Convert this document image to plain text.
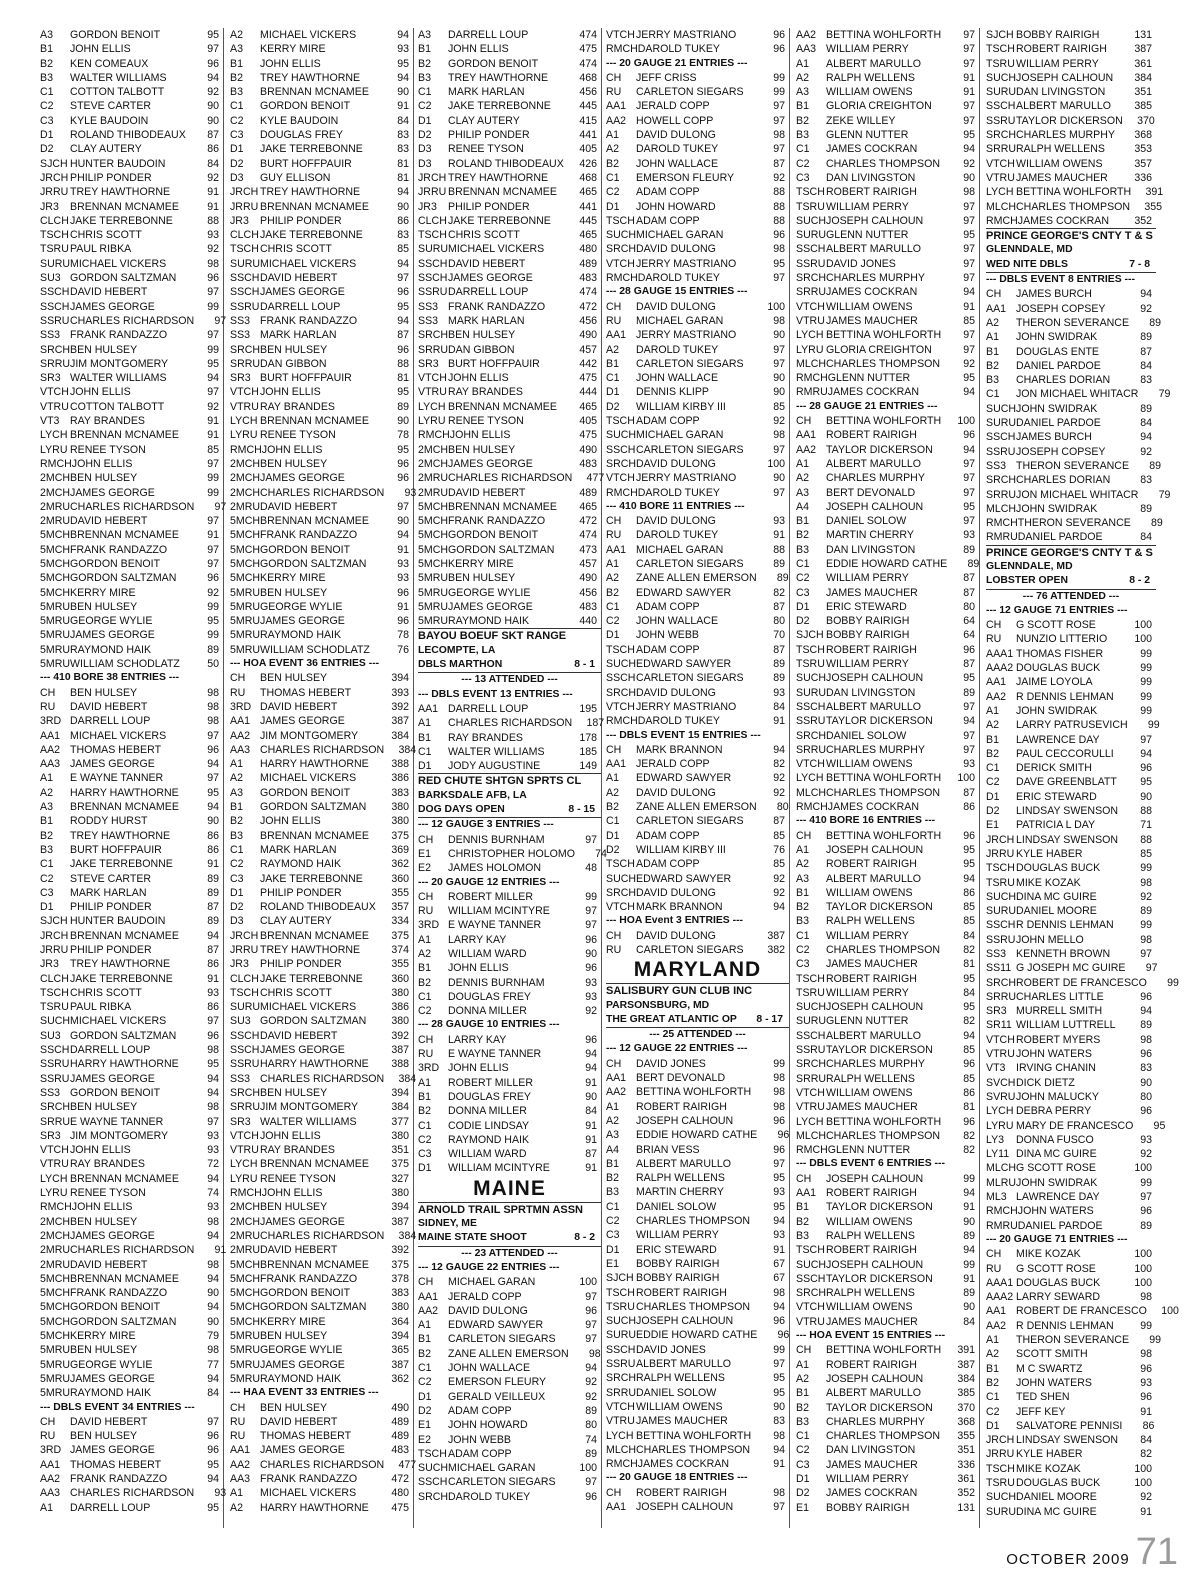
A3	GORDON BENOIT	95
B1	JOHN ELLIS	97
B2	KEN COMEAUX	96
B3	WALTER WILLIAMS	94
C1	COTTON TALBOTT	92
C2	STEVE CARTER	90
C3	KYLE BAUDOIN	90
D1	ROLAND THIBODEAUX	87
D2	CLAY AUTERY	86
SJCH HUNTER BAUDOIN	84
JRCH PHILIP PONDER	92
JRRU TREY HAWTHORNE	91
JR3	BRENNAN MCNAMEE	91
CLCH JAKE TERREBONNE	88
TSCH CHRIS SCOTT	93
TSRU PAUL RIBKA	92
SURU MICHAEL VICKERS	98
SU3 GORDON SALTZMAN	96
SSCH DAVID HEBERT	97
SSCH JAMES GEORGE	99
SSRU CHARLES RICHARDSON	97
SS3 FRANK RANDAZZO	97
SRCH BEN HULSEY	99
SRRU JIM MONTGOMERY	95
SR3 WALTER WILLIAMS	94
VTCH JOHN ELLIS	97
VTRU COTTON TALBOTT	92
VT3 RAY BRANDES	91
LYCH BRENNAN MCNAMEE	91
LYRU RENEE TYSON	85
RMCH JOHN ELLIS	97
2MCH BEN HULSEY	99
2MCH JAMES GEORGE	99
2MRU CHARLES RICHARDSON	97
2MRU DAVID HEBERT	97
5MCH BRENNAN MCNAMEE	91
5MCH FRANK RANDAZZO	97
5MCH GORDON BENOIT	97
5MCH GORDON SALTZMAN	96
5MCH KERRY MIRE	92
5MRU BEN HULSEY	99
5MRU GEORGE WYLIE	95
5MRU JAMES GEORGE	99
5MRU RAYMOND HAIK	89
5MRU WILLIAM SCHODLATZ	50
--- 410 BORE 38 ENTRIES ---
CH	BEN HULSEY	98
RU	DAVID HEBERT	98
3RD DARRELL LOUP	98
AA1 MICHAEL VICKERS	97
AA2 THOMAS HEBERT	96
AA3 JAMES GEORGE	94
A1	E WAYNE TANNER	97
A2	HARRY HAWTHORNE	95
A3	BRENNAN MCNAMEE	94
B1	RODDY HURST	90
B2	TREY HAWTHORNE	86
B3	BURT HOFFPAUIR	86
C1	JAKE TERREBONNE	91
C2	STEVE CARTER	89
C3	MARK HARLAN	89
D1	PHILIP PONDER	87
SJCH HUNTER BAUDOIN	89
JRCH BRENNAN MCNAMEE	94
JRRU PHILIP PONDER	87
JR3	TREY HAWTHORNE	86
CLCH JAKE TERREBONNE	91
TSCH CHRIS SCOTT	93
TSRU PAUL RIBKA	86
SUCH MICHAEL VICKERS	97
SU3 GORDON SALTZMAN	96
SSCH DARRELL LOUP	98
SSRU HARRY HAWTHORNE	95
SSRU JAMES GEORGE	94
SS3 GORDON BENOIT	94
SRCH BEN HULSEY	98
SRRU E WAYNE TANNER	97
SR3 JIM MONTGOMERY	93
VTCH JOHN ELLIS	93
VTRU RAY BRANDES	72
LYCH BRENNAN MCNAMEE	94
LYRU RENEE TYSON	74
RMCH JOHN ELLIS	93
2MCH BEN HULSEY	98
2MCH JAMES GEORGE	94
2MRU CHARLES RICHARDSON	91
2MRU DAVID HEBERT	98
5MCH BRENNAN MCNAMEE	94
5MCH FRANK RANDAZZO	90
5MCH GORDON BENOIT	94
5MCH GORDON SALTZMAN	90
5MCH KERRY MIRE	79
5MRU BEN HULSEY	98
5MRU GEORGE WYLIE	77
5MRU JAMES GEORGE	94
5MRU RAYMOND HAIK	84
--- DBLS EVENT 34 ENTRIES ---
CH	DAVID HEBERT	97
RU	BEN HULSEY	96
3RD JAMES GEORGE	96
AA1 THOMAS HEBERT	95
AA2 FRANK RANDAZZO	94
AA3 CHARLES RICHARDSON	93
A1	DARRELL LOUP	95
A2	MICHAEL VICKERS	94
A3	KERRY MIRE	93
B1	JOHN ELLIS	95
B2	TREY HAWTHORNE	94
B3	BRENNAN MCNAMEE	90
C1	GORDON BENOIT	91
C2	KYLE BAUDOIN	84
C3	DOUGLAS FREY	83
D1	JAKE TERREBONNE	83
D2	BURT HOFFPAUIR	81
D3	GUY ELLISON	81
JRCH TREY HAWTHORNE	94
JRRU BRENNAN MCNAMEE	90
JR3	PHILIP PONDER	86
CLCH JAKE TERREBONNE	83
TSCH CHRIS SCOTT	85
SURU MICHAEL VICKERS	94
SSCH DAVID HEBERT	97
SSCH JAMES GEORGE	96
SSRU DARRELL LOUP	95
SS3 FRANK RANDAZZO	94
SS3 MARK HARLAN	87
SRCH BEN HULSEY	96
SRRU DAN GIBBON	88
SR3 BURT HOFFPAUIR	81
VTCH JOHN ELLIS	95
VTRU RAY BRANDES	89
LYCH BRENNAN MCNAMEE	90
LYRU RENEE TYSON	78
RMCH JOHN ELLIS	95
2MCH BEN HULSEY	96
2MCH JAMES GEORGE	96
2MCH CHARLES RICHARDSON	93
2MRU DAVID HEBERT	97
5MCH BRENNAN MCNAMEE	90
5MCH FRANK RANDAZZO	94
5MCH GORDON BENOIT	91
5MCH GORDON SALTZMAN	93
5MCH KERRY MIRE	93
5MRU BEN HULSEY	96
5MRU GEORGE WYLIE	91
5MRU JAMES GEORGE	96
5MRU RAYMOND HAIK	78
5MRU WILLIAM SCHODLATZ	76
--- HOA EVENT 36 ENTRIES ---
CH	BEN HULSEY	394
RU	THOMAS HEBERT	393
3RD DAVID HEBERT	392
AA1 JAMES GEORGE	387
AA2 JIM MONTGOMERY	384
AA3 CHARLES RICHARDSON	384
A1	HARRY HAWTHORNE	388
A2	MICHAEL VICKERS	386
A3	GORDON BENOIT	383
B1	GORDON SALTZMAN	380
B2	JOHN ELLIS	380
B3	BRENNAN MCNAMEE	375
C1	MARK HARLAN	369
C2	RAYMOND HAIK	362
C3	JAKE TERREBONNE	360
D1	PHILIP PONDER	355
D2	ROLAND THIBODEAUX	357
D3	CLAY AUTERY	334
JRCH BRENNAN MCNAMEE	375
JRRU TREY HAWTHORNE	374
JR3	PHILIP PONDER	355
CLCH JAKE TERREBONNE	360
TSCH CHRIS SCOTT	380
SURU MICHAEL VICKERS	386
SU3 GORDON SALTZMAN	380
SSCH DAVID HEBERT	392
SSCH JAMES GEORGE	387
SSRU HARRY HAWTHORNE	388
SS3 CHARLES RICHARDSON	384
SRCH BEN HULSEY	394
SRRU JIM MONTGOMERY	384
SR3 WALTER WILLIAMS	377
VTCH JOHN ELLIS	380
VTRU RAY BRANDES	351
LYCH BRENNAN MCNAMEE	375
LYRU RENEE TYSON	327
RMCH JOHN ELLIS	380
2MCH BEN HULSEY	394
2MCH JAMES GEORGE	387
2MRU CHARLES RICHARDSON	384
2MRU DAVID HEBERT	392
5MCH BRENNAN MCNAMEE	375
5MCH FRANK RANDAZZO	378
5MCH GORDON BENOIT	383
5MCH GORDON SALTZMAN	380
5MCH KERRY MIRE	364
5MRU BEN HULSEY	394
5MRU GEORGE WYLIE	365
5MRU JAMES GEORGE	387
5MRU RAYMOND HAIK	362
--- HAA EVENT 33 ENTRIES ---
CH	BEN HULSEY	490
RU	DAVID HEBERT	489
RU	THOMAS HEBERT	489
AA1 JAMES GEORGE	483
AA2 CHARLES RICHARDSON	477
AA3 FRANK RANDAZZO	472
A1	MICHAEL VICKERS	480
A2	HARRY HAWTHORNE	475
A3	DARRELL LOUP	474
B1	JOHN ELLIS	475
B2	GORDON BENOIT	474
B3	TREY HAWTHORNE	468
C1	MARK HARLAN	456
C2	JAKE TERREBONNE	445
D1	CLAY AUTERY	415
D2	PHILIP PONDER	441
D3	RENEE TYSON	405
D3	ROLAND THIBODEAUX	426
JRCH TREY HAWTHORNE	468
JRRU BRENNAN MCNAMEE	465
JR3	PHILIP PONDER	441
CLCH JAKE TERREBONNE	445
TSCH CHRIS SCOTT	465
SURU MICHAEL VICKERS	480
SSCH DAVID HEBERT	489
SSCH JAMES GEORGE	483
SSRU DARRELL LOUP	474
SS3 FRANK RANDAZZO	472
SS3 MARK HARLAN	456
SRCH BEN HULSEY	490
SRRU DAN GIBBON	457
SR3 BURT HOFFPAUIR	442
VTCH JOHN ELLIS	475
VTRU RAY BRANDES	444
LYCH BRENNAN MCNAMEE	465
LYRU RENEE TYSON	405
RMCH JOHN ELLIS	475
2MCH BEN HULSEY	490
2MCH JAMES GEORGE	483
2MRU CHARLES RICHARDSON	477
2MRU DAVID HEBERT	489
5MCH BRENNAN MCNAMEE	465
5MCH FRANK RANDAZZO	472
5MCH GORDON BENOIT	474
5MCH GORDON SALTZMAN	473
5MCH KERRY MIRE	457
5MRU BEN HULSEY	490
5MRU GEORGE WYLIE	456
5MRU JAMES GEORGE	483
5MRU RAYMOND HAIK	440
BAYOU BOEUF SKT RANGE
LECOMPTE, LA
DBLS MARTHON	8 - 1
--- 13 ATTENDED ---
--- DBLS EVENT 13 ENTRIES ---
AA1 DARRELL LOUP	195
A1	CHARLES RICHARDSON	187
B1	RAY BRANDES	178
C1	WALTER WILLIAMS	185
D1	JODY AUGUSTINE	149
RED CHUTE SHTGN SPRTS CL
BARKSDALE AFB, LA
DOG DAYS OPEN	8 - 15
--- 12 GAUGE 3 ENTRIES ---
CH	DENNIS BURNHAM	97
E1	CHRISTOPHER HOLOMO	74
E2	JAMES HOLOMON	48
--- 20 GAUGE 12 ENTRIES ---
CH	ROBERT MILLER	99
RU	WILLIAM MCINTYRE	97
3RD E WAYNE TANNER	97
A1	LARRY KAY	96
A2	WILLIAM WARD	90
B1	JOHN ELLIS	96
B2	DENNIS BURNHAM	93
C1	DOUGLAS FREY	93
C2	DONNA MILLER	92
--- 28 GAUGE 10 ENTRIES ---
CH	LARRY KAY	96
RU	E WAYNE TANNER	94
3RD JOHN ELLIS	94
A1	ROBERT MILLER	91
B1	DOUGLAS FREY	90
B2	DONNA MILLER	84
C1	CODIE LINDSAY	91
C2	RAYMOND HAIK	91
C3	WILLIAM WARD	87
D1	WILLIAM MCINTYRE	91
MAINE
ARNOLD TRAIL SPRTMN ASSN
SIDNEY, ME
MAINE STATE SHOOT	8 - 2
--- 23 ATTENDED ---
--- 12 GAUGE 22 ENTRIES ---
CH	MICHAEL GARAN	100
AA1 JERALD COPP	97
AA2 DAVID DULONG	96
A1	EDWARD SAWYER	97
B1	CARLETON SIEGARS	97
B2	ZANE ALLEN EMERSON	98
C1	JOHN WALLACE	94
C2	EMERSON FLEURY	92
D1	GERALD VEILLEUX	92
D2	ADAM COPP	89
E1	JOHN HOWARD	80
E2	JOHN WEBB	74
TSCH ADAM COPP	89
SUCH MICHAEL GARAN	100
SSCH CARLETON SIEGARS	97
SRCH DAROLD TUKEY	96
VTCH JERRY MASTRIANO	96
RMCH DAROLD TUKEY	96
--- 20 GAUGE 21 ENTRIES ---
CH	JEFF CRISS	99
RU	CARLETON SIEGARS	99
AA1 JERALD COPP	97
AA2 HOWELL COPP	97
A1	DAVID DULONG	98
A2	DAROLD TUKEY	97
B2	JOHN WALLACE	87
C1	EMERSON FLEURY	92
C2	ADAM COPP	88
D1	JOHN HOWARD	88
TSCH ADAM COPP	88
SUCH MICHAEL GARAN	96
SRCH DAVID DULONG	98
VTCH JERRY MASTRIANO	95
RMCH DAROLD TUKEY	97
--- 28 GAUGE 15 ENTRIES ---
CH	DAVID DULONG	100
RU	MICHAEL GARAN	98
AA1 JERRY MASTRIANO	90
A2	DAROLD TUKEY	97
B1	CARLETON SIEGARS	97
C1	JOHN WALLACE	90
D1	DENNIS KLIPP	90
D2	WILLIAM KIRBY III	85
TSCH ADAM COPP	92
SUCH MICHAEL GARAN	98
SSCH CARLETON SIEGARS	97
SRCH DAVID DULONG	100
VTCH JERRY MASTRIANO	90
RMCH DAROLD TUKEY	97
--- 410 BORE 11 ENTRIES ---
CH	DAVID DULONG	93
RU	DAROLD TUKEY	91
AA1 MICHAEL GARAN	88
A1	CARLETON SIEGARS	89
A2	ZANE ALLEN EMERSON	89
B2	EDWARD SAWYER	82
C1	ADAM COPP	87
C2	JOHN WALLACE	80
D1	JOHN WEBB	70
TSCH ADAM COPP	87
SUCH EDWARD SAWYER	89
SSCH CARLETON SIEGARS	89
SRCH DAVID DULONG	93
VTCH JERRY MASTRIANO	84
RMCH DAROLD TUKEY	91
--- DBLS EVENT 15 ENTRIES ---
CH	MARK BRANNON	94
AA1 JERALD COPP	82
A1	EDWARD SAWYER	92
A2	DAVID DULONG	92
B2	ZANE ALLEN EMERSON	80
C1	CARLETON SIEGARS	87
D1	ADAM COPP	85
D2	WILLIAM KIRBY III	76
TSCH ADAM COPP	85
SUCH EDWARD SAWYER	92
SRCH DAVID DULONG	92
VTCH MARK BRANNON	94
--- HOA Event 3 ENTRIES ---
CH	DAVID DULONG	387
RU	CARLETON SIEGARS	382
MARYLAND
SALISBURY GUN CLUB INC
PARSONSBURG, MD
THE GREAT ATLANTIC OP 8 - 17
--- 25 ATTENDED ---
--- 12 GAUGE 22 ENTRIES ---
CH	DAVID JONES	99
AA1 BERT DEVONALD	98
AA2 BETTINA WOHLFORTH	98
A1	ROBERT RAIRIGH	98
A2	JOSEPH CALHOUN	96
A3	EDDIE HOWARD CATHE	96
A4	BRIAN VESS	96
B1	ALBERT MARULLO	97
B2	RALPH WELLENS	95
B3	MARTIN CHERRY	93
C1	DANIEL SOLOW	95
C2	CHARLES THOMPSON	94
C3	WILLIAM PERRY	93
D1	ERIC STEWARD	91
E1	BOBBY RAIRIGH	67
SJCH BOBBY RAIRIGH	67
TSCH ROBERT RAIRIGH	98
TSRU CHARLES THOMPSON	94
SUCH JOSEPH CALHOUN	96
SURU EDDIE HOWARD CATHE	96
SSCH DAVID JONES	99
SSRU ALBERT MARULLO	97
SRCH RALPH WELLENS	95
SRRU DANIEL SOLOW	95
VTCH WILLIAM OWENS	90
VTRU JAMES MAUCHER	83
LYCH BETTINA WOHLFORTH	98
MLCH CHARLES THOMPSON	94
RMCH JAMES COCKRAN	91
--- 20 GAUGE 18 ENTRIES ---
CH	ROBERT RAIRIGH	98
AA1 JOSEPH CALHOUN	97
AA2 BETTINA WOHLFORTH	97
AA3 WILLIAM PERRY	97
A1	ALBERT MARULLO	97
A2	RALPH WELLENS	91
A3	WILLIAM OWENS	91
B1	GLORIA CREIGHTON	97
B2	ZEKE WILLEY	97
B3	GLENN NUTTER	95
C1	JAMES COCKRAN	94
C2	CHARLES THOMPSON	92
C3	DAN LIVINGSTON	90
TSCH ROBERT RAIRIGH	98
TSRU WILLIAM PERRY	97
SUCH JOSEPH CALHOUN	97
SURU GLENN NUTTER	95
SSCH ALBERT MARULLO	97
SSRU DAVID JONES	97
SRCH CHARLES MURPHY	97
SRRU JAMES COCKRAN	94
VTCH WILLIAM OWENS	91
VTRU JAMES MAUCHER	85
LYCH BETTINA WOHLFORTH	97
LYRU GLORIA CREIGHTON	97
MLCH CHARLES THOMPSON	92
RMCH GLENN NUTTER	95
RMRU JAMES COCKRAN	94
--- 28 GAUGE 21 ENTRIES ---
CH	BETTINA WOHLFORTH	100
AA1 ROBERT RAIRIGH	96
AA2 TAYLOR DICKERSON	94
A1	ALBERT MARULLO	97
A2	CHARLES MURPHY	97
A3	BERT DEVONALD	97
A4	JOSEPH CALHOUN	95
B1	DANIEL SOLOW	97
B2	MARTIN CHERRY	93
B3	DAN LIVINGSTON	89
C1	EDDIE HOWARD CATHE	89
C2	WILLIAM PERRY	87
C3	JAMES MAUCHER	87
D1	ERIC STEWARD	80
D2	BOBBY RAIRIGH	64
SJCH BOBBY RAIRIGH	64
TSCH ROBERT RAIRIGH	96
TSRU WILLIAM PERRY	87
SUCH JOSEPH CALHOUN	95
SURU DAN LIVINGSTON	89
SSCH ALBERT MARULLO	97
SSRU TAYLOR DICKERSON	94
SRCH DANIEL SOLOW	97
SRRU CHARLES MURPHY	97
VTCH WILLIAM OWENS	93
LYCH BETTINA WOHLFORTH	100
MLCH CHARLES THOMPSON	87
RMCH JAMES COCKRAN	86
--- 410 BORE 16 ENTRIES ---
CH	BETTINA WOHLFORTH	96
A1	JOSEPH CALHOUN	95
A2	ROBERT RAIRIGH	95
A3	ALBERT MARULLO	94
B1	WILLIAM OWENS	86
B2	TAYLOR DICKERSON	85
B3	RALPH WELLENS	85
C1	WILLIAM PERRY	84
C2	CHARLES THOMPSON	82
C3	JAMES MAUCHER	81
TSCH ROBERT RAIRIGH	95
TSRU WILLIAM PERRY	84
SUCH JOSEPH CALHOUN	95
SURU GLENN NUTTER	82
SSCH ALBERT MARULLO	94
SSRU TAYLOR DICKERSON	85
SRCH CHARLES MURPHY	96
SRRU RALPH WELLENS	85
VTCH WILLIAM OWENS	86
VTRU JAMES MAUCHER	81
LYCH BETTINA WOHLFORTH	96
MLCH CHARLES THOMPSON	82
RMCH GLENN NUTTER	82
--- DBLS EVENT 6 ENTRIES ---
CH	JOSEPH CALHOUN	99
AA1 ROBERT RAIRIGH	94
B1	TAYLOR DICKERSON	91
B2	WILLIAM OWENS	90
B3	RALPH WELLENS	89
TSCH ROBERT RAIRIGH	94
SUCH JOSEPH CALHOUN	99
SSCH TAYLOR DICKERSON	91
SRCH RALPH WELLENS	89
VTCH WILLIAM OWENS	90
VTRU JAMES MAUCHER	84
--- HOA EVENT 15 ENTRIES ---
CH	BETTINA WOHLFORTH	391
A1	ROBERT RAIRIGH	387
A2	JOSEPH CALHOUN	384
B1	ALBERT MARULLO	385
B2	TAYLOR DICKERSON	370
B3	CHARLES MURPHY	368
C1	CHARLES THOMPSON	355
C2	DAN LIVINGSTON	351
C3	JAMES MAUCHER	336
D1	WILLIAM PERRY	361
D2	JAMES COCKRAN	352
E1	BOBBY RAIRIGH	131
SJCH BOBBY RAIRIGH	131
TSCH ROBERT RAIRIGH	387
TSRU WILLIAM PERRY	361
SUCH JOSEPH CALHOUN	384
SURU DAN LIVINGSTON	351
SSCH ALBERT MARULLO	385
SSRU TAYLOR DICKERSON	370
SRCH CHARLES MURPHY	368
SRRU RALPH WELLENS	353
VTCH WILLIAM OWENS	357
VTRU JAMES MAUCHER	336
LYCH BETTINA WOHLFORTH	391
MLCH CHARLES THOMPSON	355
RMCH JAMES COCKRAN	352
PRINCE GEORGE'S CNTY T & S
GLENNDALE, MD
WED NITE DBLS	7 - 8
--- DBLS EVENT 8 ENTRIES ---
CH	JAMES BURCH	94
AA1 JOSEPH COPSEY	92
A2	THERON SEVERANCE	89
A1	JOHN SWIDRAK	89
B1	DOUGLAS ENTE	87
B2	DANIEL PARDOE	84
B3	CHARLES DORIAN	83
C1	JON MICHAEL WHITACR	79
SUCH JOHN SWIDRAK	89
SURU DANIEL PARDOE	84
SSCH JAMES BURCH	94
SSRU JOSEPH COPSEY	92
SS3 THERON SEVERANCE	89
SRCH CHARLES DORIAN	83
SRRU JON MICHAEL WHITACR	79
MLCH JOHN SWIDRAK	89
RMCH THERON SEVERANCE	89
RMRU DANIEL PARDOE	84
PRINCE GEORGE'S CNTY T & S
GLENNDALE, MD
LOBSTER OPEN	8 - 2
--- 76 ATTENDED ---
--- 12 GAUGE 71 ENTRIES ---
CH	G SCOTT ROSE	100
RU	NUNZIO LITTERIO	100
AAA1 THOMAS FISHER	99
AAA2 DOUGLAS BUCK	99
AA1 JAIME LOYOLA	99
AA2 R DENNIS LEHMAN	99
A1	JOHN SWIDRAK	99
A2	LARRY PATRUSEVICH	99
B1	LAWRENCE DAY	97
B2	PAUL CECCORULLI	94
C1	DERICK SMITH	96
C2	DAVE GREENBLATT	95
D1	ERIC STEWARD	90
D2	LINDSAY SWENSON	88
E1	PATRICIA L DAY	71
JRCH LINDSAY SWENSON	88
JRRU KYLE HABER	85
TSCH DOUGLAS BUCK	99
TSRU MIKE KOZAK	98
SUCH DINA MC GUIRE	92
SURU DANIEL MOORE	89
SSCH R DENNIS LEHMAN	99
SSRU JOHN MELLO	98
SS3 KENNETH BROWN	97
SS11 G JOSEPH MC GUIRE	97
SRCH ROBERT DE FRANCESCO	99
SRRU CHARLES LITTLE	96
SR3 MURRELL SMITH	94
SR11 WILLIAM LUTTRELL	89
VTCH ROBERT MYERS	98
VTRU JOHN WATERS	96
VT3 IRVING CHANIN	83
SVCH DICK DIETZ	90
SVRU JOHN MALUCKY	80
LYCH DEBRA PERRY	96
LYRU MARY DE FRANCESCO	95
LY3	DONNA FUSCO	93
LY11 DINA MC GUIRE	92
MLCH G SCOTT ROSE	100
MLRU JOHN SWIDRAK	99
ML3 LAWRENCE DAY	97
RMCH JOHN WATERS	96
RMRU DANIEL PARDOE	89
--- 20 GAUGE 71 ENTRIES ---
CH	MIKE KOZAK	100
RU	G SCOTT ROSE	100
AAA1 DOUGLAS BUCK	100
AAA2 LARRY SEWARD	98
AA1 ROBERT DE FRANCESCO	100
AA2 R DENNIS LEHMAN	99
A1	THERON SEVERANCE	99
A2	SCOTT SMITH	98
B1	M C SWARTZ	96
B2	JOHN WATERS	93
C1	TED SHEN	96
C2	JEFF KEY	91
D1	SALVATORE PENNISI	86
JRCH LINDSAY SWENSON	84
JRRU KYLE HABER	82
TSCH MIKE KOZAK	100
TSRU DOUGLAS BUCK	100
SUCH DANIEL MOORE	92
SURU DINA MC GUIRE	91
OCTOBER 2009 71
